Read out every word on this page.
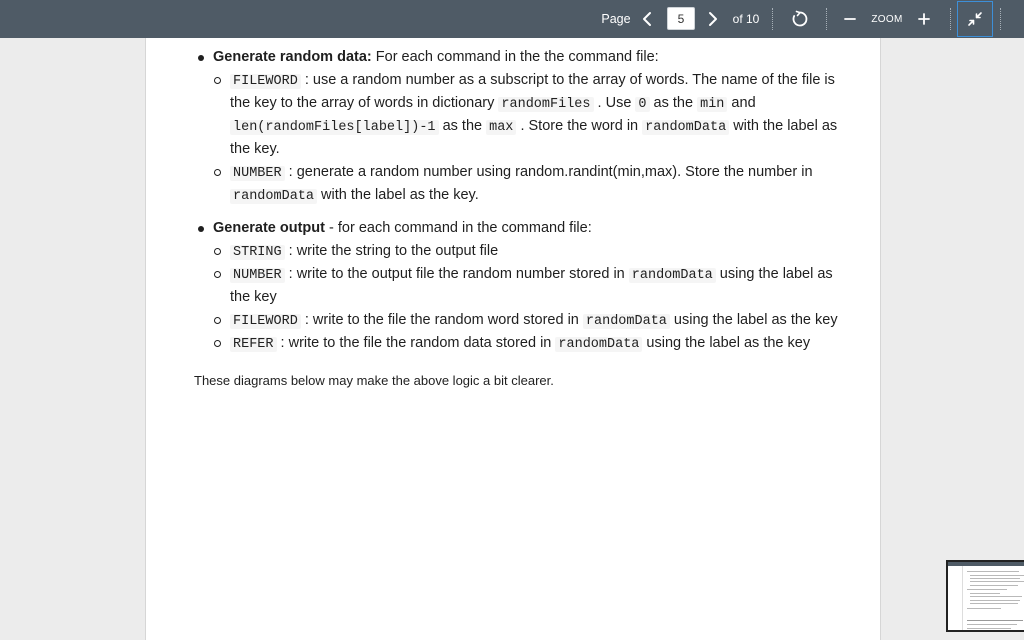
Page
5	of 10	ZOOM
Generate random data: For each command in the the command file:
FILEWORD : use a random number as a subscript to the array of words. The name of the file is
the key to the array of words in dictionary randomFiles . Use 0 as the min and
len(randomFiles[label])-1 as the max . Store the word in randomData with the label as
the key.
NUMBER : generate a random number using random.randint(min,max). Store the number in
randomData with the label as the key.
Generate output - for each command in the command file:
STRING : write the string to the output file
NUMBER : write to the output file the random number stored in randomData using the label as
the key
FILEWORD : write to the file the random word stored in randomData using the label as the key
REFER : write to the file the random data stored in randomData using the label as the key
These diagrams below may make the above logic a bit clearer.
